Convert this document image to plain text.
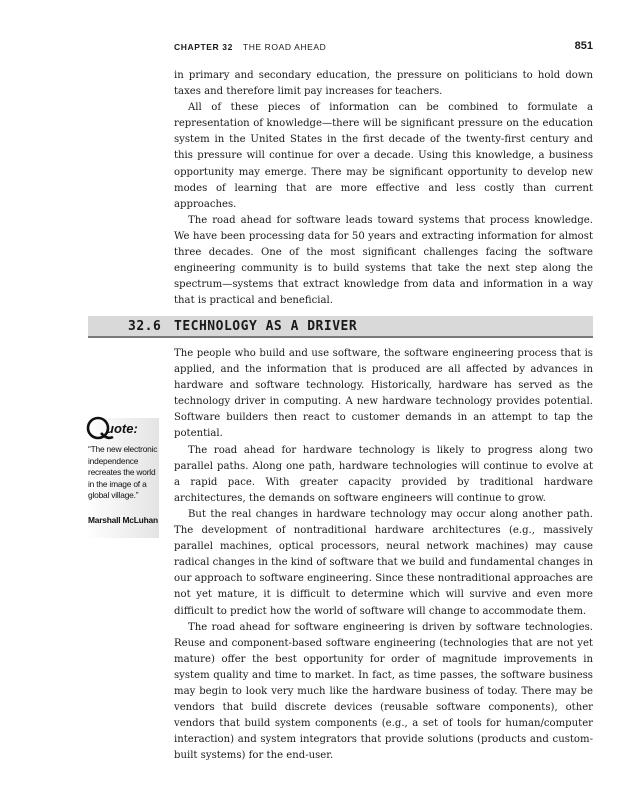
CHAPTER 32 THE ROAD AHEAD	851

in primary and secondary education, the pressure on politicians to hold down taxes and therefore limit pay increases for teachers.

All of these pieces of information can be combined to formulate a representation of knowledge—there will be significant pressure on the education system in the United States in the first decade of the twenty-first century and this pressure will continue for over a decade. Using this knowledge, a business opportunity may emerge. There may be significant opportunity to develop new modes of learning that are more effective and less costly than current approaches.

The road ahead for software leads toward systems that process knowledge. We have been processing data for 50 years and extracting information for almost three decades. One of the most significant challenges facing the software engineering community is to build systems that take the next step along the spectrum—systems that extract knowledge from data and information in a way that is practical and beneficial.

32.6 TECHNOLOGY AS A DRIVER
Q
uote:
“The new electronic independence recreates the world in the image of a global village.”
Marshall McLuhan

The people who build and use software, the software engineering process that is applied, and the information that is produced are all affected by advances in hardware and software technology. Historically, hardware has served as the technology driver in computing. A new hardware technology provides potential. Software builders then react to customer demands in an attempt to tap the potential.

The road ahead for hardware technology is likely to progress along two parallel paths. Along one path, hardware technologies will continue to evolve at a rapid pace. With greater capacity provided by traditional hardware architectures, the demands on software engineers will continue to grow.

But the real changes in hardware technology may occur along another path. The development of nontraditional hardware architectures (e.g., massively parallel machines, optical processors, neural network machines) may cause radical changes in the kind of software that we build and fundamental changes in our approach to software engineering. Since these nontraditional approaches are not yet mature, it is difficult to determine which will survive and even more difficult to predict how the world of software will change to accommodate them.

The road ahead for software engineering is driven by software technologies. Reuse and component-based software engineering (technologies that are not yet mature) offer the best opportunity for order of magnitude improvements in system quality and time to market. In fact, as time passes, the software business may begin to look very much like the hardware business of today. There may be vendors that build discrete devices (reusable software components), other vendors that build system components (e.g., a set of tools for human/computer interaction) and system integrators that provide solutions (products and custom-built systems) for the end-user.
